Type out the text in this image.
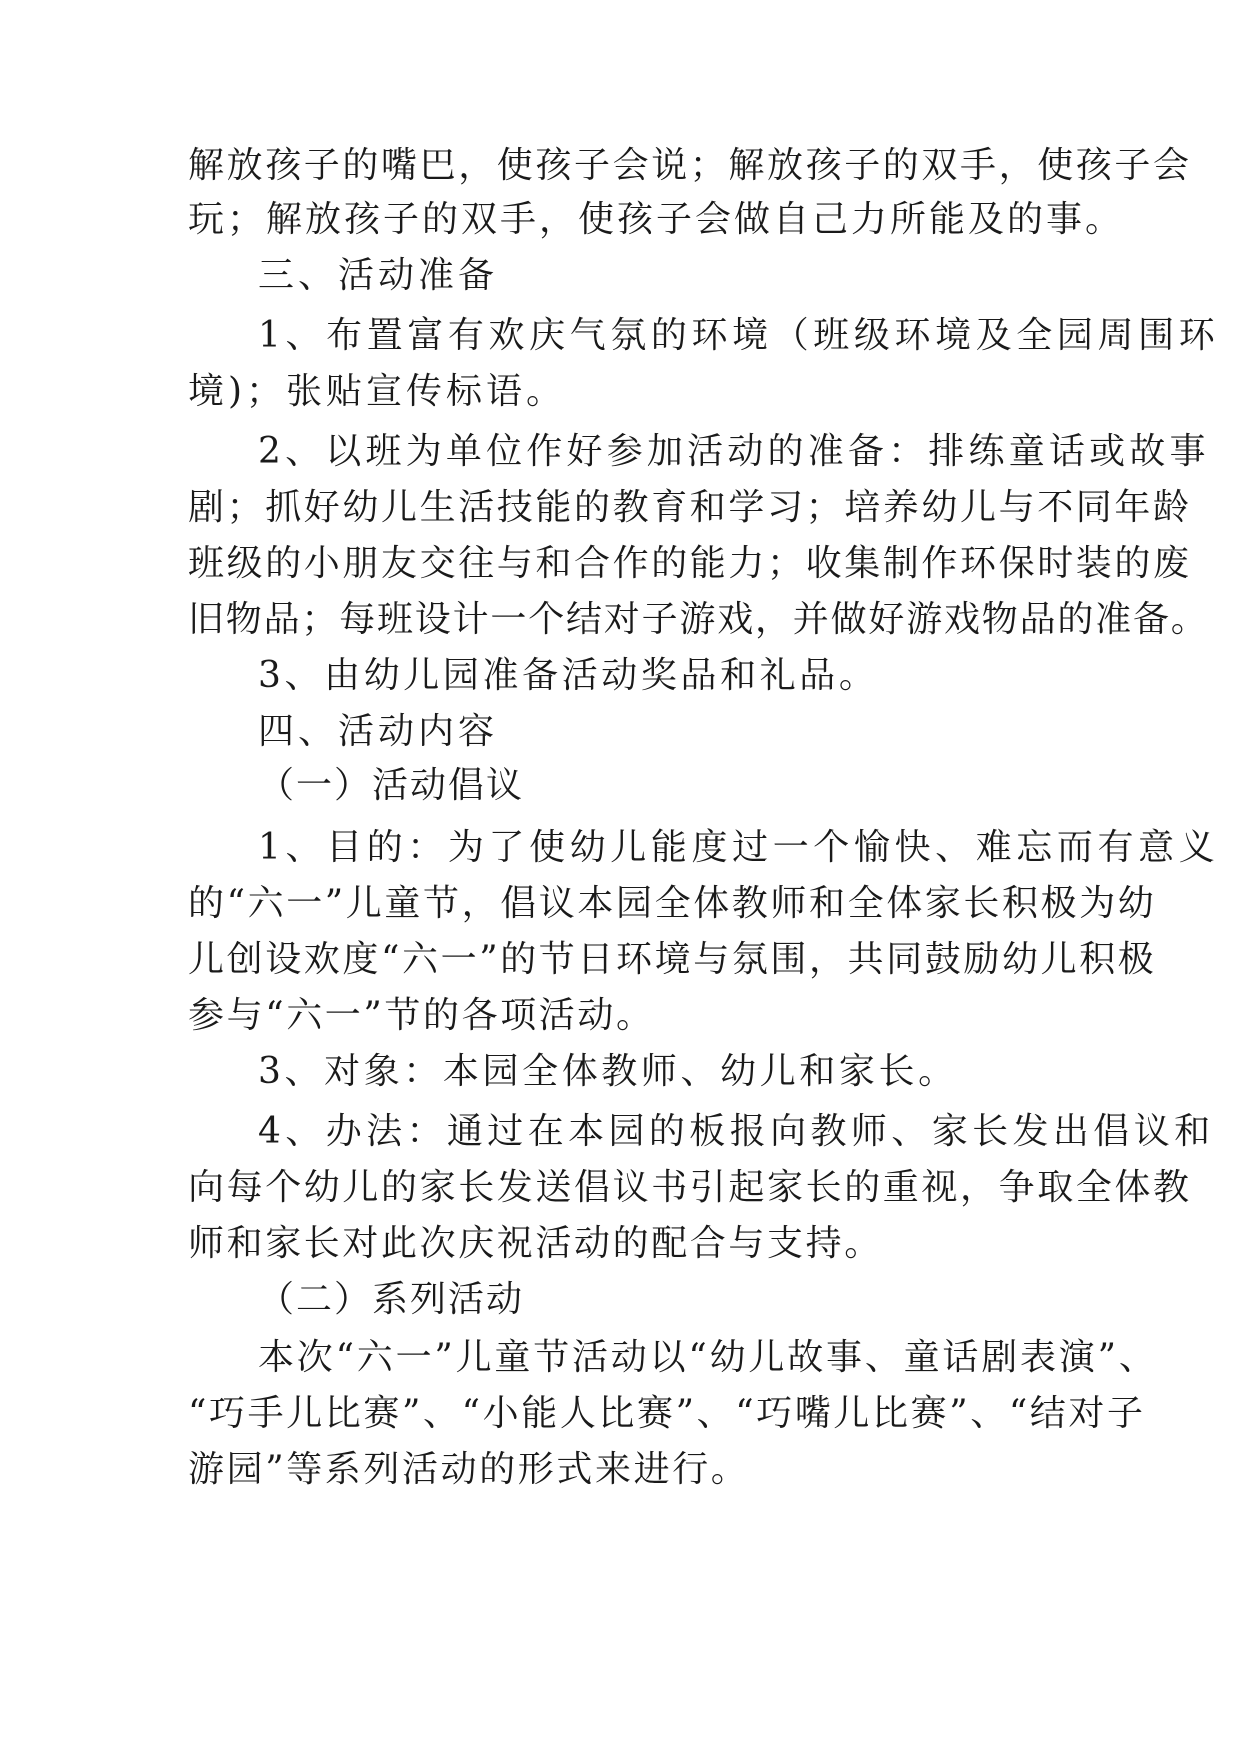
解放孩子的嘴巴，使孩子会说；解放孩子的双手，使孩子会
玩；解放孩子的双手，使孩子会做自己力所能及的事。
三、活动准备
1、布置富有欢庆气氛的环境（班级环境及全园周围环
境)；张贴宣传标语。
2、以班为单位作好参加活动的准备：排练童话或故事
剧；抓好幼儿生活技能的教育和学习；培养幼儿与不同年龄
班级的小朋友交往与和合作的能力；收集制作环保时装的废
旧物品；每班设计一个结对子游戏，并做好游戏物品的准备。
3、由幼儿园准备活动奖品和礼品。
四、活动内容
（一）活动倡议
1、目的：为了使幼儿能度过一个愉快、难忘而有意义
的“六一”儿童节，倡议本园全体教师和全体家长积极为幼
儿创设欢度“六一”的节日环境与氛围，共同鼓励幼儿积极
参与“六一”节的各项活动。
3、对象：本园全体教师、幼儿和家长。
4、办法：通过在本园的板报向教师、家长发出倡议和
向每个幼儿的家长发送倡议书引起家长的重视，争取全体教
师和家长对此次庆祝活动的配合与支持。
（二）系列活动
本次“六一”儿童节活动以“幼儿故事、童话剧表演”、
“巧手儿比赛”、“小能人比赛”、“巧嘴儿比赛”、“结对子
游园”等系列活动的形式来进行。
